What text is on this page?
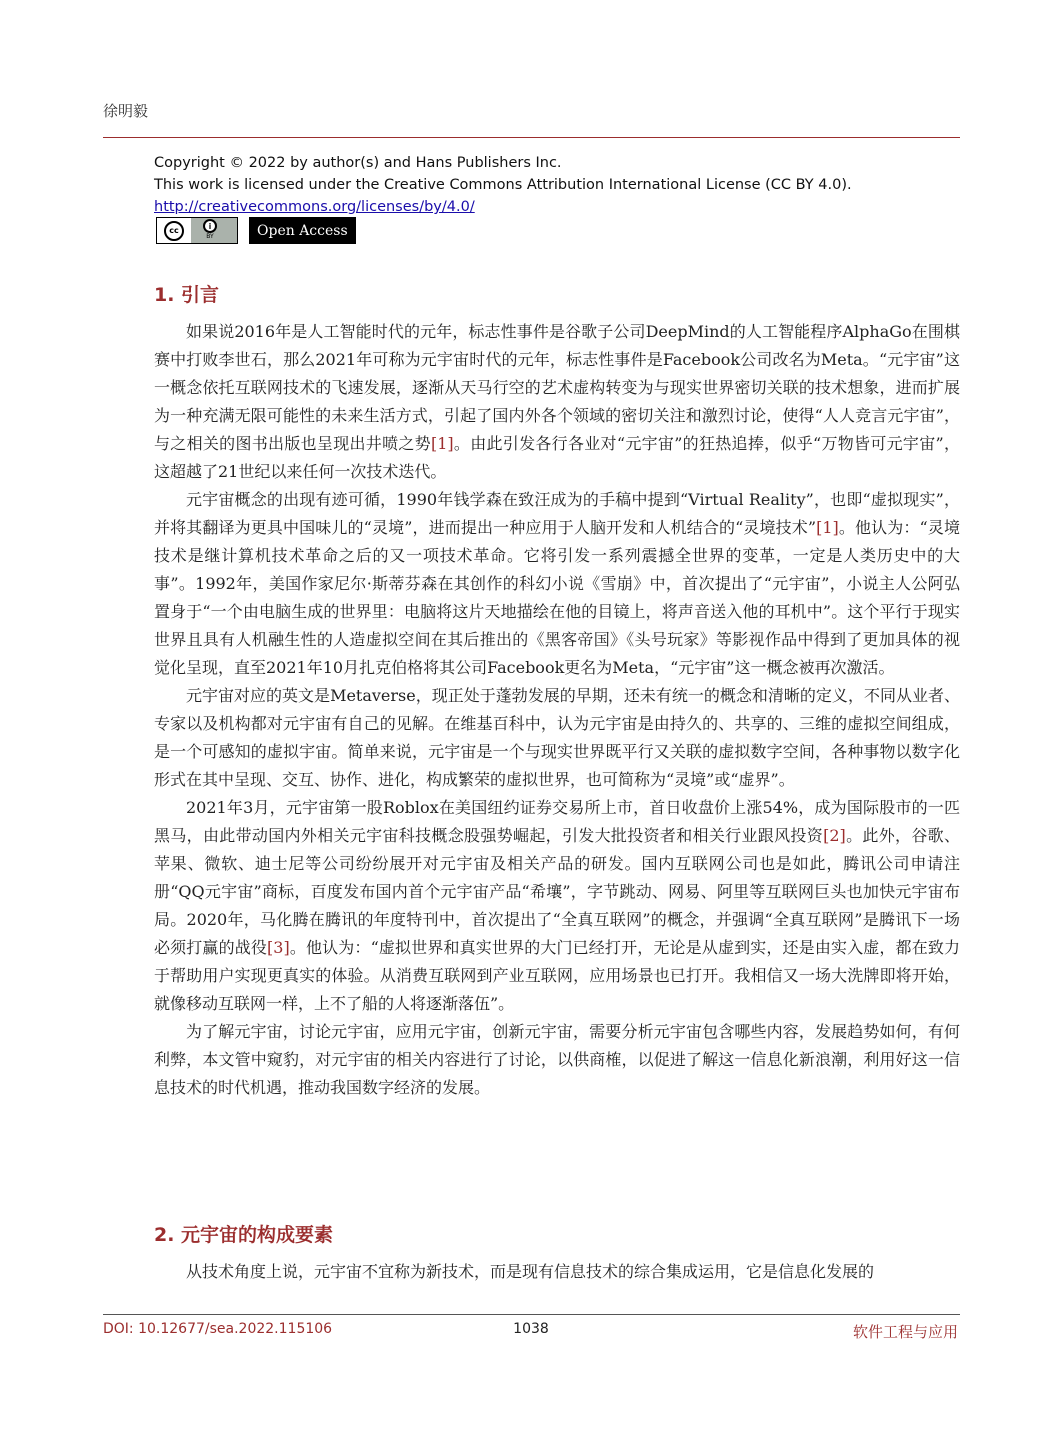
徐明毅
Copyright © 2022 by author(s) and Hans Publishers Inc.
This work is licensed under the Creative Commons Attribution International License (CC BY 4.0).
http://creativecommons.org/licenses/by/4.0/
cc	i
BY	Open Access
1. 引言

如果说2016年是人工智能时代的元年，标志性事件是谷歌子公司DeepMind的人工智能程序AlphaGo在围棋赛中打败李世石，那么2021年可称为元宇宙时代的元年，标志性事件是Facebook公司改名为Meta。“元宇宙”这一概念依托互联网技术的飞速发展，逐渐从天马行空的艺术虚构转变为与现实世界密切关联的技术想象，进而扩展为一种充满无限可能性的未来生活方式，引起了国内外各个领域的密切关注和激烈讨论，使得“人人竞言元宇宙”，与之相关的图书出版也呈现出井喷之势[1]。由此引发各行各业对“元宇宙”的狂热追捧，似乎“万物皆可元宇宙”，这超越了21世纪以来任何一次技术迭代。

元宇宙概念的出现有迹可循，1990年钱学森在致汪成为的手稿中提到“Virtual Reality”，也即“虚拟现实”，并将其翻译为更具中国味儿的“灵境”，进而提出一种应用于人脑开发和人机结合的“灵境技术”[1]。他认为：“灵境技术是继计算机技术革命之后的又一项技术革命。它将引发一系列震撼全世界的变革，一定是人类历史中的大事”。1992年，美国作家尼尔·斯蒂芬森在其创作的科幻小说《雪崩》中，首次提出了“元宇宙”，小说主人公阿弘置身于“一个由电脑生成的世界里：电脑将这片天地描绘在他的目镜上，将声音送入他的耳机中”。这个平行于现实世界且具有人机融生性的人造虚拟空间在其后推出的《黑客帝国》《头号玩家》等影视作品中得到了更加具体的视觉化呈现，直至2021年10月扎克伯格将其公司Facebook更名为Meta，“元宇宙”这一概念被再次激活。

元宇宙对应的英文是Metaverse，现正处于蓬勃发展的早期，还未有统一的概念和清晰的定义，不同从业者、专家以及机构都对元宇宙有自己的见解。在维基百科中，认为元宇宙是由持久的、共享的、三维的虚拟空间组成，是一个可感知的虚拟宇宙。简单来说，元宇宙是一个与现实世界既平行又关联的虚拟数字空间，各种事物以数字化形式在其中呈现、交互、协作、进化，构成繁荣的虚拟世界，也可简称为“灵境”或“虚界”。

2021年3月，元宇宙第一股Roblox在美国纽约证券交易所上市，首日收盘价上涨54%，成为国际股市的一匹黑马，由此带动国内外相关元宇宙科技概念股强势崛起，引发大批投资者和相关行业跟风投资[2]。此外，谷歌、苹果、微软、迪士尼等公司纷纷展开对元宇宙及相关产品的研发。国内互联网公司也是如此，腾讯公司申请注册“QQ元宇宙”商标，百度发布国内首个元宇宙产品“希壤”，字节跳动、网易、阿里等互联网巨头也加快元宇宙布局。2020年，马化腾在腾讯的年度特刊中，首次提出了“全真互联网”的概念，并强调“全真互联网”是腾讯下一场必须打赢的战役[3]。他认为：“虚拟世界和真实世界的大门已经打开，无论是从虚到实，还是由实入虚，都在致力于帮助用户实现更真实的体验。从消费互联网到产业互联网，应用场景也已打开。我相信又一场大洗牌即将开始，就像移动互联网一样，上不了船的人将逐渐落伍”。

为了解元宇宙，讨论元宇宙，应用元宇宙，创新元宇宙，需要分析元宇宙包含哪些内容，发展趋势如何，有何利弊，本文管中窥豹，对元宇宙的相关内容进行了讨论，以供商榷，以促进了解这一信息化新浪潮，利用好这一信息技术的时代机遇，推动我国数字经济的发展。

2. 元宇宙的构成要素

从技术角度上说，元宇宙不宜称为新技术，而是现有信息技术的综合集成运用，它是信息化发展的

DOI: 10.12677/sea.2022.115106	1038	软件工程与应用
